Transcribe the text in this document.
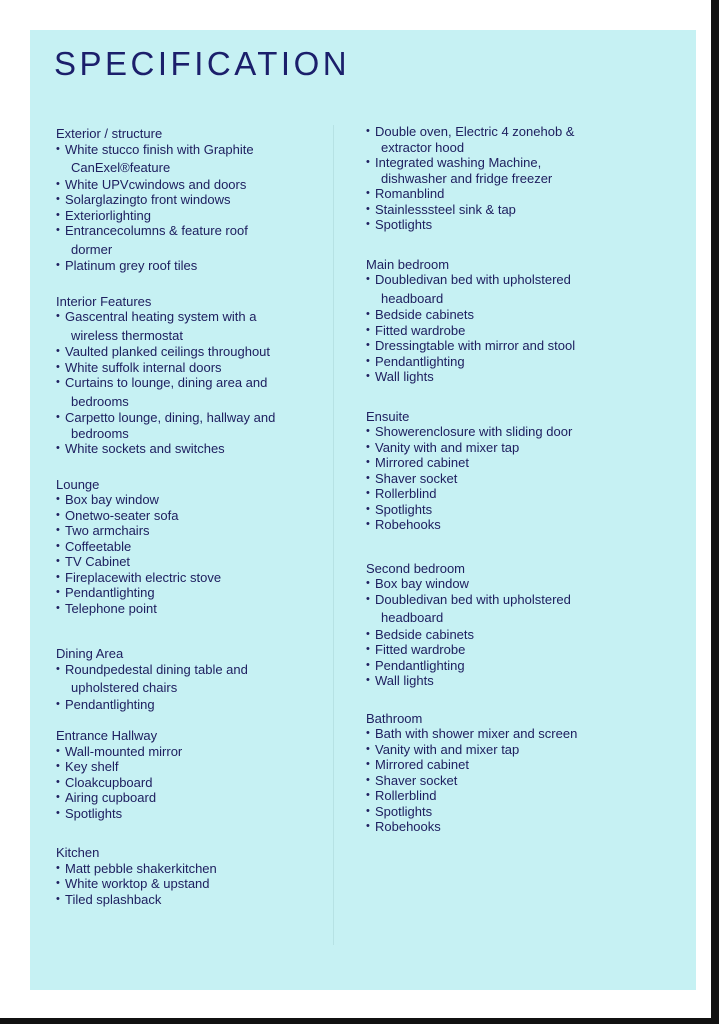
SPECIFICATION
Exterior / structure
• White stucco finish with Graphite
CanExel®feature
• White UPVcwindows and doors
• Solarglazingto front windows
• Exteriorlighting
• Entrancecolumns & feature roof
dormer
• Platinum grey roof tiles
Interior Features
• Gascentral heating system with a
wireless thermostat
• Vaulted planked ceilings throughout
• White suffolk internal doors
• Curtains to lounge, dining area and
bedrooms
• Carpetto lounge, dining, hallway and
bedrooms
• White sockets and switches
Lounge
• Box bay window
• Onetwo-seater sofa
• Two armchairs
• Coffeetable
• TV Cabinet
• Fireplacewith electric stove
• Pendantlighting
• Telephone point
Dining Area
• Roundpedestal dining table and
upholstered chairs
• Pendantlighting
Entrance Hallway
• Wall-mounted mirror
• Key shelf
• Cloakcupboard
• Airing cupboard
• Spotlights
Kitchen
• Matt pebble shakerkitchen
• White worktop & upstand
• Tiled splashback
• Double oven, Electric 4 zonehob &
extractor hood
• Integrated washing Machine,
dishwasher and fridge freezer
• Romanblind
• Stainlesssteel sink & tap
• Spotlights
Main bedroom
• Doubledivan bed with upholstered
headboard
• Bedside cabinets
• Fitted wardrobe
• Dressingtable with mirror and stool
• Pendantlighting
• Wall lights
Ensuite
• Showerenclosure with sliding door
• Vanity with and mixer tap
• Mirrored cabinet
• Shaver socket
• Rollerblind
• Spotlights
• Robehooks
Second bedroom
• Box bay window
• Doubledivan bed with upholstered
headboard
• Bedside cabinets
• Fitted wardrobe
• Pendantlighting
• Wall lights
Bathroom
• Bath with shower mixer and screen
• Vanity with and mixer tap
• Mirrored cabinet
• Shaver socket
• Rollerblind
• Spotlights
• Robehooks
